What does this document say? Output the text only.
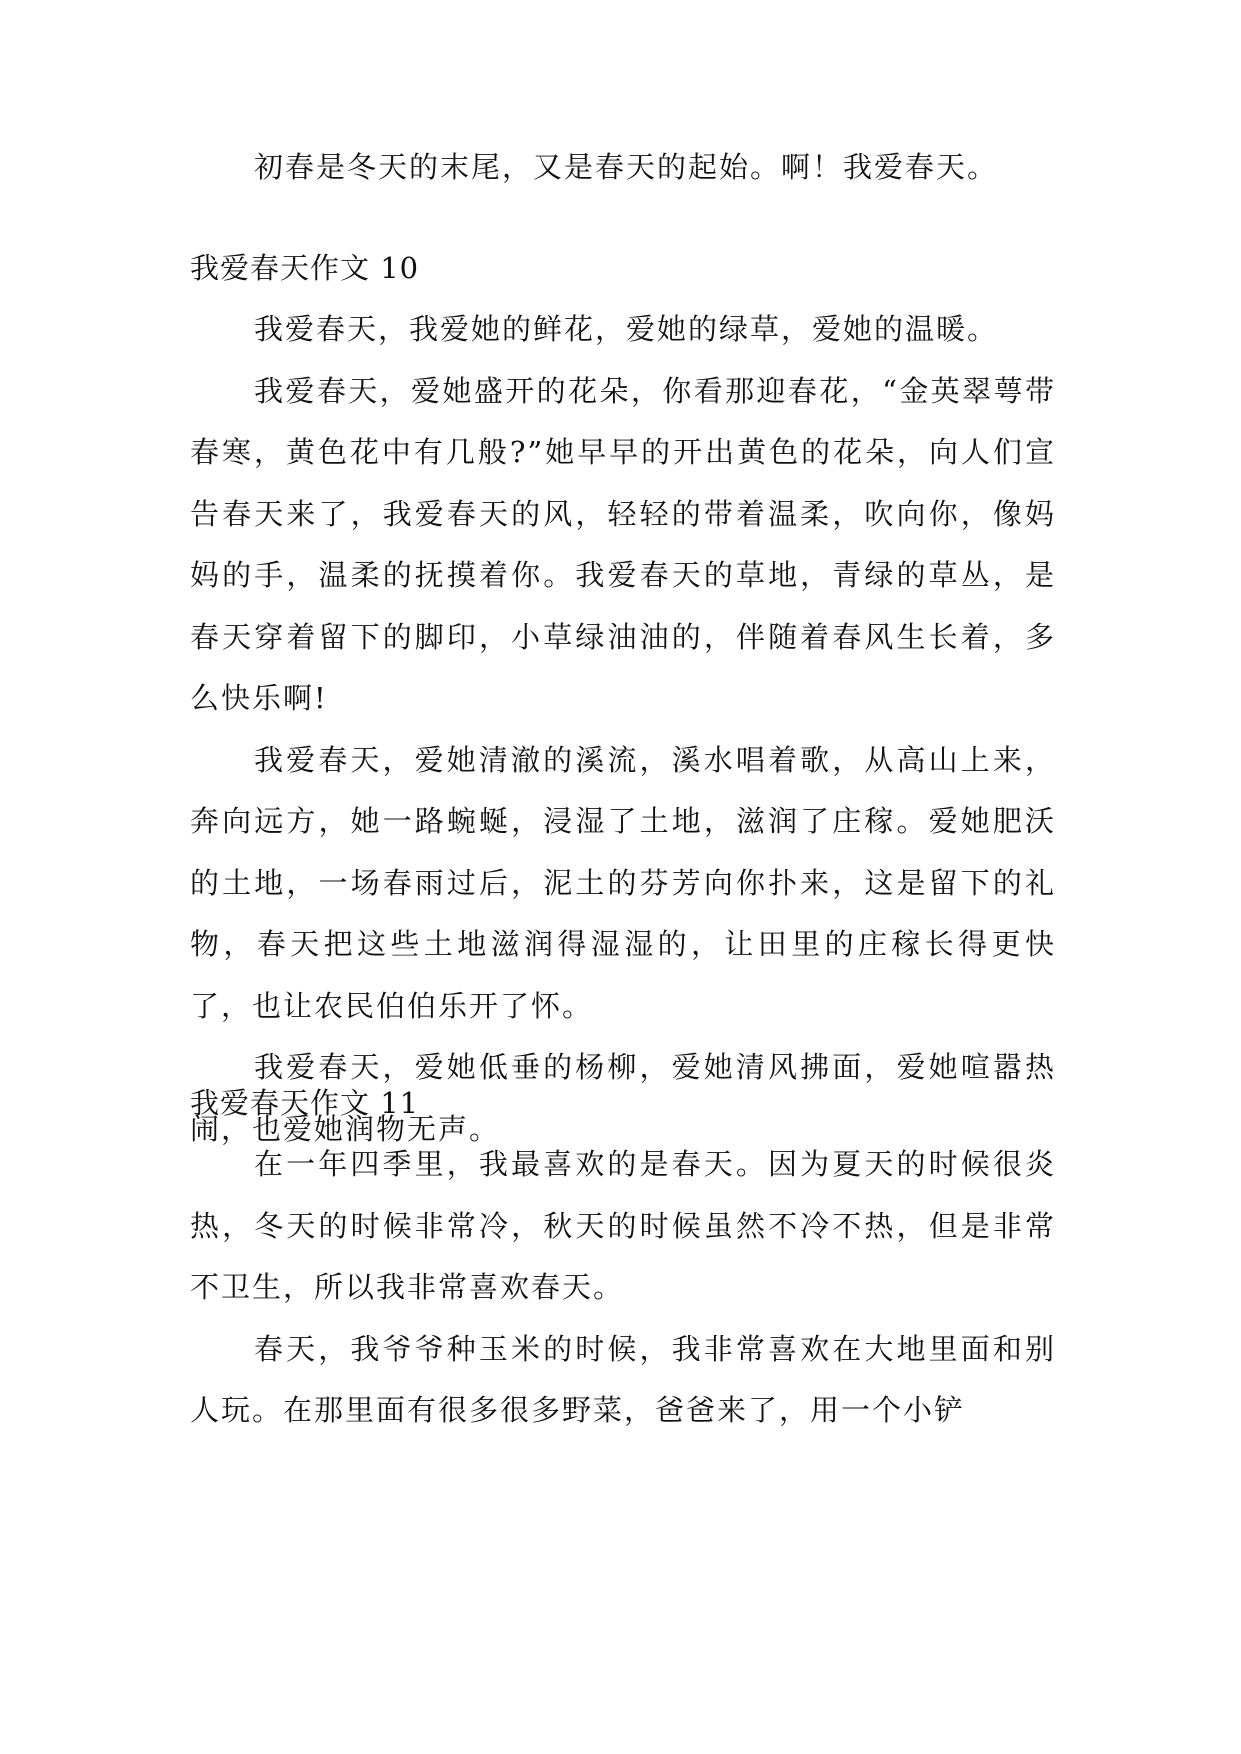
初春是冬天的末尾，又是春天的起始。啊！我爱春天。

我爱春天作文 10

我爱春天，我爱她的鲜花，爱她的绿草，爱她的温暖。

我爱春天，爱她盛开的花朵，你看那迎春花，“金英翠萼带春寒，黄色花中有几般?”她早早的开出黄色的花朵，向人们宣告春天来了，我爱春天的风，轻轻的带着温柔，吹向你，像妈妈的手，温柔的抚摸着你。我爱春天的草地，青绿的草丛，是春天穿着留下的脚印，小草绿油油的，伴随着春风生长着，多么快乐啊!

我爱春天，爱她清澈的溪流，溪水唱着歌，从高山上来，奔向远方，她一路蜿蜒，浸湿了土地，滋润了庄稼。爱她肥沃的土地，一场春雨过后，泥土的芬芳向你扑来，这是留下的礼物，春天把这些土地滋润得湿湿的，让田里的庄稼长得更快了，也让农民伯伯乐开了怀。

我爱春天，爱她低垂的杨柳，爱她清风拂面，爱她喧嚣热闹，也爱她润物无声。

我爱春天作文 11

在一年四季里，我最喜欢的是春天。因为夏天的时候很炎热，冬天的时候非常冷，秋天的时候虽然不冷不热，但是非常不卫生，所以我非常喜欢春天。

春天，我爷爷种玉米的时候，我非常喜欢在大地里面和别人玩。在那里面有很多很多野菜，爸爸来了，用一个小铲
